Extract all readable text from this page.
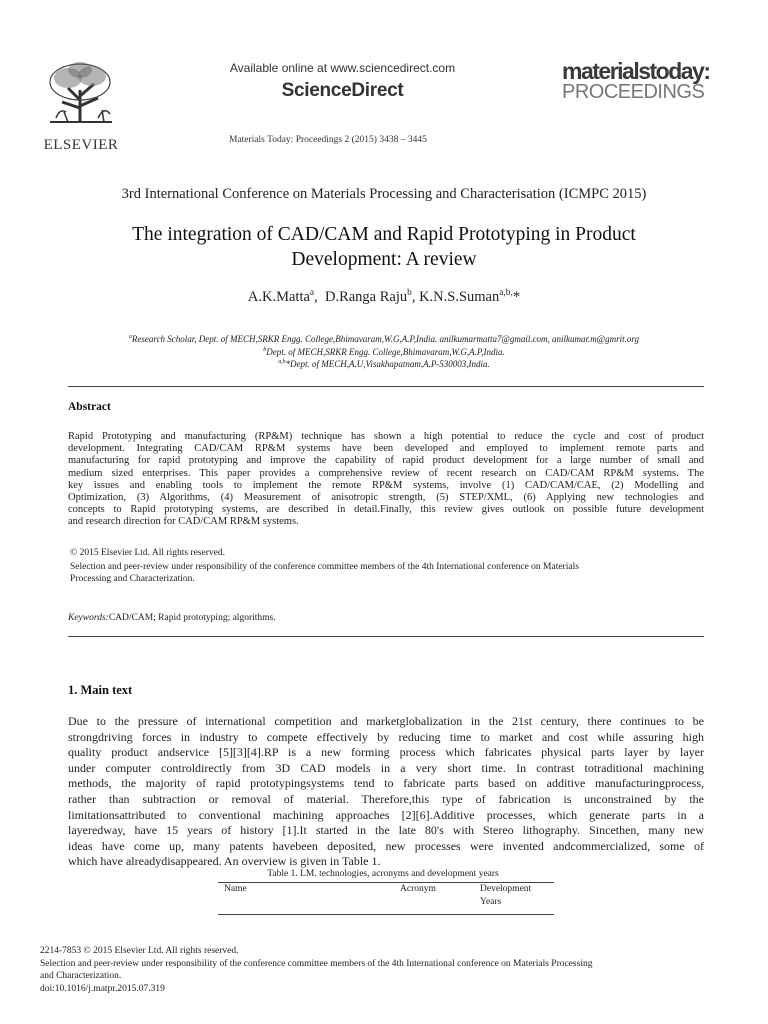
ELSEVIER
Available online at www.sciencedirect.com
ScienceDirect
Materials Today: Proceedings 2 (2015) 3438 – 3445
materialstoday:
PROCEEDINGS
3rd International Conference on Materials Processing and Characterisation (ICMPC 2015)
The integration of CAD/CAM and Rapid Prototyping in Product
Development: A review
A.K.Matta$^a$,  D.Ranga Raju$^b$, K.N.S.Suman$^{a,b,}$*
$^a$Research Scholar, Dept. of MECH,SRKR Engg. College,Bhimavaram,W.G,A.P,India. anilkumarmatta7@gmail.com, anilkumar.m@gmrit.org
$^b$Dept. of MECH,SRKR Engg. College,Bhimavaram,W.G,A.P,India.
$^{a,b}$*Dept. of MECH,A.U,Visakhapatnam,A.P-530003,India.
Abstract
Rapid Prototyping and manufacturing (RP&M) technique has shown a high potential to reduce the cycle and cost of product
development. Integrating CAD/CAM RP&M systems have been developed and employed to implement remote parts and
manufacturing for rapid prototyping and improve the capability of rapid product development for a large number of small and
medium sized enterprises. This paper provides a comprehensive review of recent research on CAD/CAM RP&M systems. The
key issues and enabling tools to implement the remote RP&M systems, involve (1) CAD/CAM/CAE, (2) Modelling and
Optimization, (3) Algorithms, (4) Measurement of anisotropic strength, (5) STEP/XML, (6) Applying new technologies and
concepts to Rapid prototyping systems, are described in detail.Finally, this review gives outlook on possible future development
and research direction for CAD/CAM RP&M systems.
© 2015 Elsevier Ltd. All rights reserved.
Selection and peer-review under responsibility of the conference committee members of the 4th International conference on Materials
Processing and Characterization.
Keywords:CAD/CAM; Rapid prototyping; algorithms.
1. Main text
Due to the pressure of international competition and marketglobalization in the 21st century, there continues to be
strongdriving forces in industry to compete effectively by reducing time to market and cost while assuring high
quality product andservice [5][3][4].RP is a new forming process which fabricates physical parts layer by layer
under computer controldirectly from 3D CAD models in a very short time. In contrast totraditional machining
methods, the majority of rapid prototypingsystems tend to fabricate parts based on additive manufacturingprocess,
rather than subtraction or removal of material. Therefore,this type of fabrication is unconstrained by the
limitationsattributed to conventional machining approaches [2][6].Additive processes, which generate parts in a
layeredway, have 15 years of history [1].It started in the late 80's with Stereo lithography. Sincethen, many new
ideas have come up, many patents havebeen deposited, new processes were invented andcommercialized, some of
which have alreadydisappeared. An overview is given in Table 1.
Table 1. LM. technologies, acronyms and development years
Name	Acronym	Development
Years
2214-7853 © 2015 Elsevier Ltd. All rights reserved.
Selection and peer-review under responsibility of the conference committee members of the 4th International conference on Materials Processing
and Characterization.
doi:10.1016/j.matpr.2015.07.319
